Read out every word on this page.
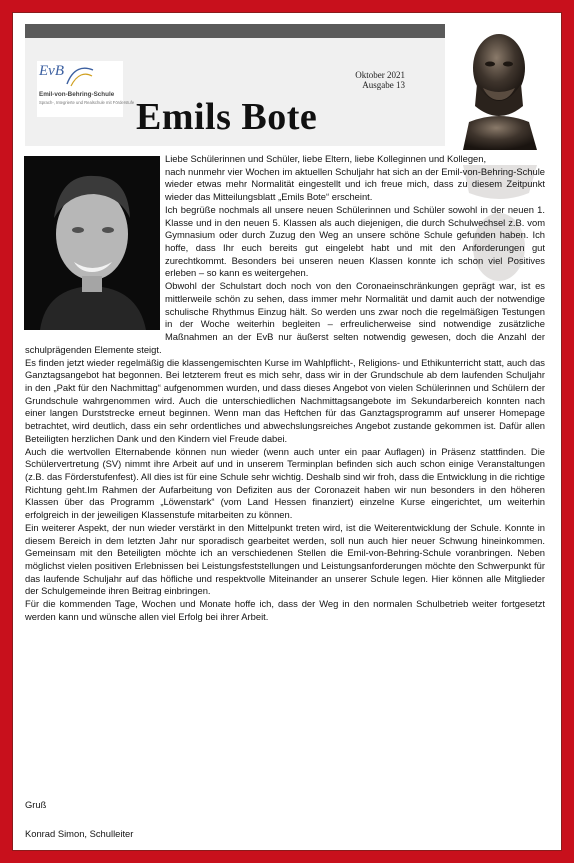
EvB
Emil-von-Behring-Schule
Sprach-, Integrierte und Realschule mit Förderstufe
Oktober 2021
Ausgabe 13
Emils Bote

Liebe Schülerinnen und Schüler, liebe Eltern, liebe Kolleginnen und Kollegen,

nach nunmehr vier Wochen im aktuellen Schuljahr hat sich an der Emil-von-Behring-Schule wieder etwas mehr Normalität eingestellt und ich freue mich, dass zu diesem Zeitpunkt wieder das Mitteilungsblatt „Emils Bote“ erscheint.

Ich begrüße nochmals all unsere neuen Schülerinnen und Schüler sowohl in der neuen 1. Klasse und in den neuen 5. Klassen als auch diejenigen, die durch Schulwechsel z.B. vom Gymnasium oder durch Zuzug den Weg an unsere schöne Schule gefunden haben. Ich hoffe, dass Ihr euch bereits gut eingelebt habt und mit den Anforderungen gut zurechtkommt. Besonders bei unseren neuen Klassen konnte ich schon viel Positives erleben – so kann es weitergehen.

Obwohl der Schulstart doch noch von den Coronaeinschränkungen geprägt war, ist es mittlerweile schön zu sehen, dass immer mehr Normalität und damit auch der notwendige schulische Rhythmus Einzug hält. So werden uns zwar noch die regelmäßigen Testungen in der Woche weiterhin begleiten – erfreulicherweise sind notwendige zusätzliche Maßnahmen an der EvB nur äußerst selten notwendig gewesen, doch die Anzahl der schulprägenden Elemente steigt.

Es finden jetzt wieder regelmäßig die klassengemischten Kurse im Wahlpflicht-, Religions- und Ethikunterricht statt, auch das Ganztagsangebot hat begonnen. Bei letzterem freut es mich sehr, dass wir in der Grundschule ab dem laufenden Schuljahr in den „Pakt für den Nachmittag“ aufgenommen wurden, und dass dieses Angebot von vielen Schülerinnen und Schülern der Grundschule wahrgenommen wird. Auch die unterschiedlichen Nachmittagsangebote im Sekundarbereich konnten nach einer langen Durststrecke erneut beginnen. Wenn man das Heftchen für das Ganztagsprogramm auf unserer Homepage betrachtet, wird deutlich, dass ein sehr ordentliches und abwechslungsreiches Angebot zustande gekommen ist. Dafür allen Beteiligten herzlichen Dank und den Kindern viel Freude dabei.

Auch die wertvollen Elternabende können nun wieder (wenn auch unter ein paar Auflagen) in Präsenz stattfinden. Die Schülervertretung (SV) nimmt ihre Arbeit auf und in unserem Terminplan befinden sich auch schon einige Veranstaltungen (z.B. das Förderstufenfest). All dies ist für eine Schule sehr wichtig. Deshalb sind wir froh, dass die Entwicklung in die richtige Richtung geht.Im Rahmen der Aufarbeitung von Defiziten aus der Coronazeit haben wir nun besonders in den höheren Klassen über das Programm „Löwenstark“ (vom Land Hessen finanziert) einzelne Kurse eingerichtet, um weiterhin erfolgreich in der jeweiligen Klassenstufe mitarbeiten zu können.

Ein weiterer Aspekt, der nun wieder verstärkt in den Mittelpunkt treten wird, ist die Weiterentwicklung der Schule. Konnte in diesem Bereich in dem letzten Jahr nur sporadisch gearbeitet werden, soll nun auch hier neuer Schwung hineinkommen. Gemeinsam mit den Beteiligten möchte ich an verschiedenen Stellen die Emil-von-Behring-Schule voranbringen. Neben möglichst vielen positiven Erlebnissen bei Leistungsfeststellungen und Leistungsanforderungen möchte den Schwerpunkt für das laufende Schuljahr auf das höfliche und respektvolle Miteinander an unserer Schule legen. Hier können alle Mitglieder der Schulgemeinde ihren Beitrag einbringen.

Für die kommenden Tage, Wochen und Monate hoffe ich, dass der Weg in den normalen Schulbetrieb weiter fortgesetzt werden kann und wünsche allen viel Erfolg bei ihrer Arbeit.

Gruß
Konrad Simon, Schulleiter
